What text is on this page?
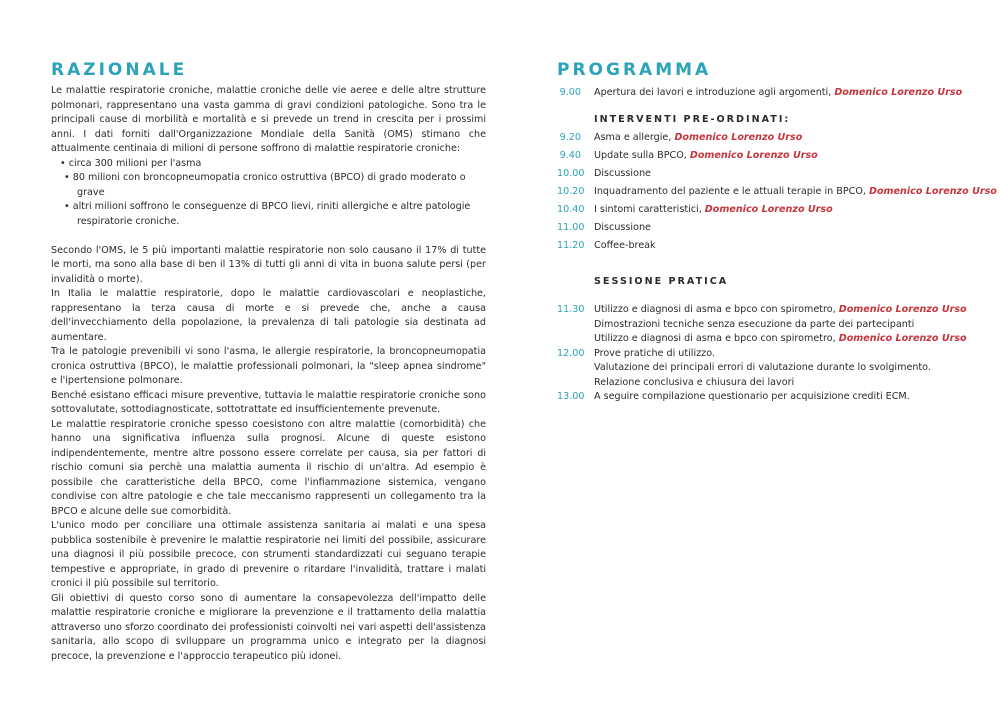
RAZIONALE

Le malattie respiratorie croniche, malattie croniche delle vie aeree e delle altre strutture polmonari, rappresentano una vasta gamma di gravi condizioni patologiche. Sono tra le principali cause di morbilità e mortalità e si prevede un trend in crescita per i prossimi anni. I dati forniti dall'Organizzazione Mondiale della Sanità (OMS) stimano che attualmente centinaia di milioni di persone soffrono di malattie respiratorie croniche:

• circa 300 milioni per l'asma
• 80 milioni con broncopneumopatia cronico ostruttiva (BPCO) di grado moderato o grave
• altri milioni soffrono le conseguenze di BPCO lievi, riniti allergiche e altre patologie respiratorie croniche.

Secondo l'OMS, le 5 più importanti malattie respiratorie non solo causano il 17% di tutte le morti, ma sono alla base di ben il 13% di tutti gli anni di vita in buona salute persi (per invalidità o morte).

In Italia le malattie respiratorie, dopo le malattie cardiovascolari e neoplastiche, rappresentano la terza causa di morte e si prevede che, anche a causa dell'invecchiamento della popolazione, la prevalenza di tali patologie sia destinata ad aumentare.

Tra le patologie prevenibili vi sono l'asma, le allergie respiratorie, la broncopneumopatia cronica ostruttiva (BPCO), le malattie professionali polmonari, la "sleep apnea sindrome" e l'ipertensione polmonare.

Benché esistano efficaci misure preventive, tuttavia le malattie respiratorie croniche sono sottovalutate, sottodiagnosticate, sottotrattate ed insufficientemente prevenute.

Le malattie respiratorie croniche spesso coesistono con altre malattie (comorbidità) che hanno una significativa influenza sulla prognosi. Alcune di queste esistono indipendentemente, mentre altre possono essere correlate per causa, sia per fattori di rischio comuni sia perchè una malattia aumenta il rischio di un'altra. Ad esempio è possibile che caratteristiche della BPCO, come l'infiammazione sistemica, vengano condivise con altre patologie e che tale meccanismo rappresenti un collegamento tra la BPCO e alcune delle sue comorbidità.

L'unico modo per conciliare una ottimale assistenza sanitaria ai malati e una spesa pubblica sostenibile è prevenire le malattie respiratorie nei limiti del possibile, assicurare una diagnosi il più possibile precoce, con strumenti standardizzati cui seguano terapie tempestive e appropriate, in grado di prevenire o ritardare l'invalidità, trattare i malati cronici il più possibile sul territorio.

Gli obiettivi di questo corso sono di aumentare la consapevolezza dell'impatto delle malattie respiratorie croniche e migliorare la prevenzione e il trattamento della malattia attraverso uno sforzo coordinato dei professionisti coinvolti nei vari aspetti dell'assistenza sanitaria, allo scopo di sviluppare un programma unico e integrato per la diagnosi precoce, la prevenzione e l'approccio terapeutico più idonei.

PROGRAMMA
9.00 Apertura dei lavori e introduzione agli argomenti, Domenico Lorenzo Urso
INTERVENTI PRE-ORDINATI:
9.20 Asma e allergie, Domenico Lorenzo Urso
9.40 Update sulla BPCO, Domenico Lorenzo Urso
10.00 Discussione
10.20 Inquadramento del paziente e le attuali terapie in BPCO, Domenico Lorenzo Urso
10.40 I sintomi caratteristici, Domenico Lorenzo Urso
11.00 Discussione
11.20 Coffee-break
SESSIONE PRATICA
11.30 Utilizzo e diagnosi di asma e bpco con spirometro, Domenico Lorenzo Urso
Dimostrazioni tecniche senza esecuzione da parte dei partecipanti
Utilizzo e diagnosi di asma e bpco con spirometro, Domenico Lorenzo Urso
12.00 Prove pratiche di utilizzo.
Valutazione dei principali errori di valutazione durante lo svolgimento.
Relazione conclusiva e chiusura dei lavori
13.00 A seguire compilazione questionario per acquisizione crediti ECM.
